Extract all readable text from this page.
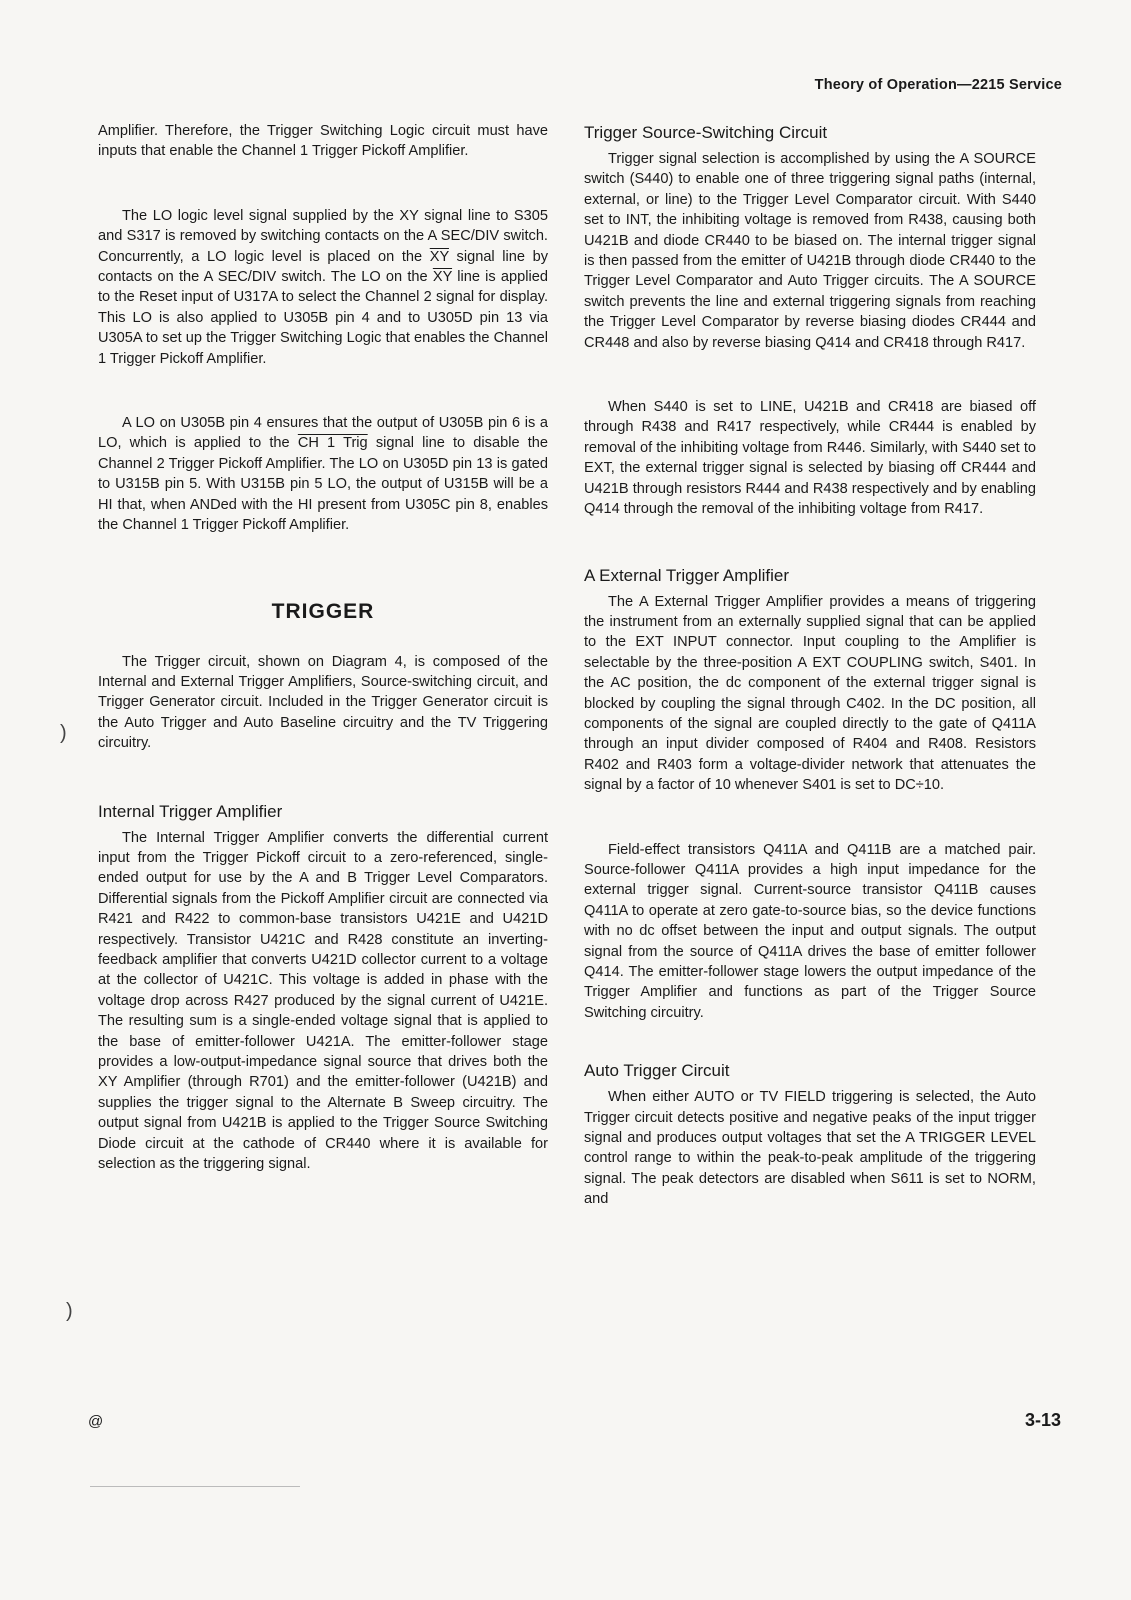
Theory of Operation—2215 Service

Amplifier. Therefore, the Trigger Switching Logic circuit must have inputs that enable the Channel 1 Trigger Pickoff Amplifier.

The LO logic level signal supplied by the XY signal line to S305 and S317 is removed by switching contacts on the A SEC/DIV switch. Concurrently, a LO logic level is placed on the $\overline{XY}$ signal line by contacts on the A SEC/DIV switch. The LO on the $\overline{XY}$ line is applied to the Reset input of U317A to select the Channel 2 signal for display. This LO is also applied to U305B pin 4 and to U305D pin 13 via U305A to set up the Trigger Switching Logic that enables the Channel 1 Trigger Pickoff Amplifier.

A LO on U305B pin 4 ensures that the output of U305B pin 6 is a LO, which is applied to the CH 1 Trig signal line to disable the Channel 2 Trigger Pickoff Amplifier. The LO on U305D pin 13 is gated to U315B pin 5. With U315B pin 5 LO, the output of U315B will be a HI that, when ANDed with the HI present from U305C pin 8, enables the Channel 1 Trigger Pickoff Amplifier.

TRIGGER

The Trigger circuit, shown on Diagram 4, is composed of the Internal and External Trigger Amplifiers, Source-switching circuit, and Trigger Generator circuit. Included in the Trigger Generator circuit is the Auto Trigger and Auto Baseline circuitry and the TV Triggering circuitry.

Internal Trigger Amplifier

The Internal Trigger Amplifier converts the differential current input from the Trigger Pickoff circuit to a zero-referenced, single-ended output for use by the A and B Trigger Level Comparators. Differential signals from the Pickoff Amplifier circuit are connected via R421 and R422 to common-base transistors U421E and U421D respectively. Transistor U421C and R428 constitute an inverting-feedback amplifier that converts U421D collector current to a voltage at the collector of U421C. This voltage is added in phase with the voltage drop across R427 produced by the signal current of U421E. The resulting sum is a single-ended voltage signal that is applied to the base of emitter-follower U421A. The emitter-follower stage provides a low-output-impedance signal source that drives both the XY Amplifier (through R701) and the emitter-follower (U421B) and supplies the trigger signal to the Alternate B Sweep circuitry. The output signal from U421B is applied to the Trigger Source Switching Diode circuit at the cathode of CR440 where it is available for selection as the triggering signal.

Trigger Source-Switching Circuit

Trigger signal selection is accomplished by using the A SOURCE switch (S440) to enable one of three triggering signal paths (internal, external, or line) to the Trigger Level Comparator circuit. With S440 set to INT, the inhibiting voltage is removed from R438, causing both U421B and diode CR440 to be biased on. The internal trigger signal is then passed from the emitter of U421B through diode CR440 to the Trigger Level Comparator and Auto Trigger circuits. The A SOURCE switch prevents the line and external triggering signals from reaching the Trigger Level Comparator by reverse biasing diodes CR444 and CR448 and also by reverse biasing Q414 and CR418 through R417.

When S440 is set to LINE, U421B and CR418 are biased off through R438 and R417 respectively, while CR444 is enabled by removal of the inhibiting voltage from R446. Similarly, with S440 set to EXT, the external trigger signal is selected by biasing off CR444 and U421B through resistors R444 and R438 respectively and by enabling Q414 through the removal of the inhibiting voltage from R417.

A External Trigger Amplifier

The A External Trigger Amplifier provides a means of triggering the instrument from an externally supplied signal that can be applied to the EXT INPUT connector. Input coupling to the Amplifier is selectable by the three-position A EXT COUPLING switch, S401. In the AC position, the dc component of the external trigger signal is blocked by coupling the signal through C402. In the DC position, all components of the signal are coupled directly to the gate of Q411A through an input divider composed of R404 and R408. Resistors R402 and R403 form a voltage-divider network that attenuates the signal by a factor of 10 whenever S401 is set to DC÷10.

Field-effect transistors Q411A and Q411B are a matched pair. Source-follower Q411A provides a high input impedance for the external trigger signal. Current-source transistor Q411B causes Q411A to operate at zero gate-to-source bias, so the device functions with no dc offset between the input and output signals. The output signal from the source of Q411A drives the base of emitter follower Q414. The emitter-follower stage lowers the output impedance of the Trigger Amplifier and functions as part of the Trigger Source Switching circuitry.

Auto Trigger Circuit

When either AUTO or TV FIELD triggering is selected, the Auto Trigger circuit detects positive and negative peaks of the input trigger signal and produces output voltages that set the A TRIGGER LEVEL control range to within the peak-to-peak amplitude of the triggering signal. The peak detectors are disabled when S611 is set to NORM, and

)
)
@	3-13
